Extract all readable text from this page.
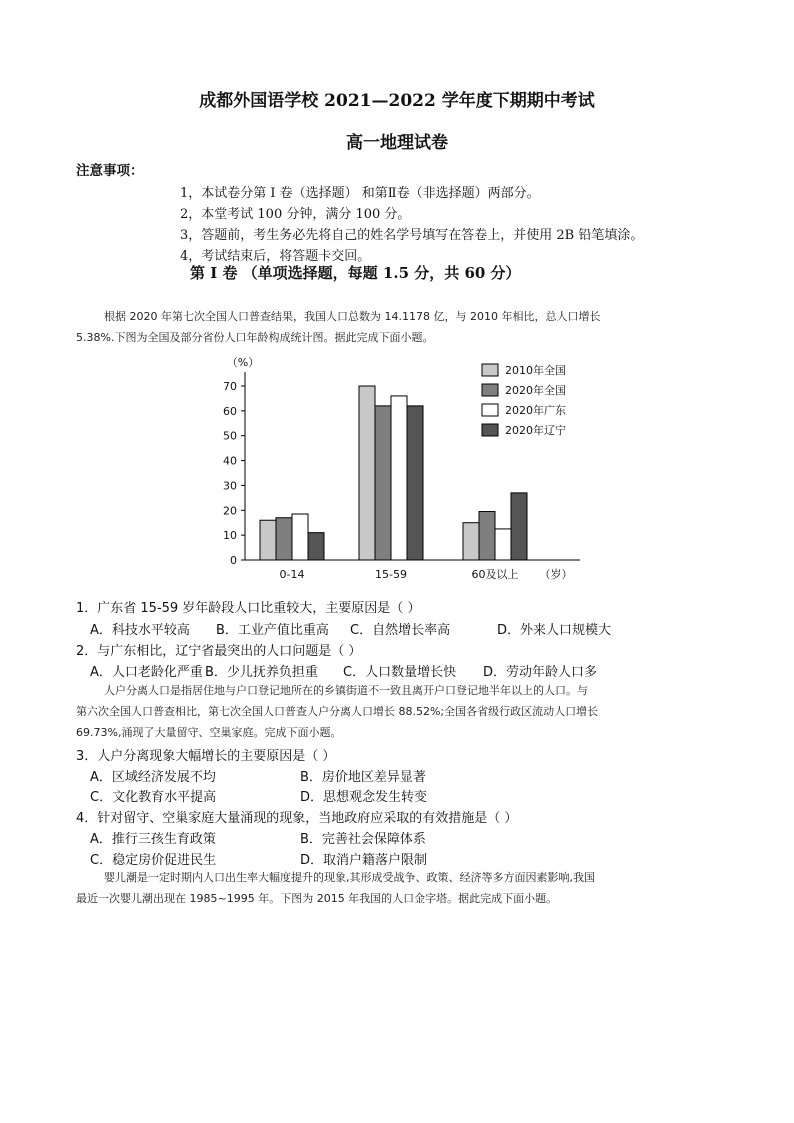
成都外国语学校 2021—2022 学年度下期期中考试
高一地理试卷
注意事项：
1，本试卷分第 I 卷（选择题） 和第Ⅱ卷（非选择题）两部分。
2，本堂考试 100 分钟，满分 100 分。
3，答题前，考生务必先将自己的姓名学号填写在答卷上，并使用 2B 铅笔填涂。
4，考试结束后，将答题卡交回。
第 I 卷 （单项选择题，每题 1.5 分，共 60 分）
根据 2020 年第七次全国人口普查结果，我国人口总数为 14.1178 亿，与 2010 年相比，总人口增长
5.38%.下图为全国及部分省份人口年龄构成统计图。据此完成下面小题。
0
10
20
30
40
50
60
70
（%）
0-14	15-59	60及以上 （岁）
2010年全国
2020年全国
2020年广东
2020年辽宁
1．广东省 15-59 岁年龄段人口比重较大，主要原因是（ ）
A．科技水平较高 B．工业产值比重高 C．自然增长率高	D．外来人口规模大
2．与广东相比，辽宁省最突出的人口问题是（ ）
A．人口老龄化严重 B．少儿抚养负担重 C．人口数量增长快 D．劳动年龄人口多
人户分离人口是指居住地与户口登记地所在的乡镇街道不一致且离开户口登记地半年以上的人口。与
第六次全国人口普查相比，第七次全国人口普查人户分离人口增长 88.52%;全国各省级行政区流动人口增长
69.73%,涌现了大量留守、空巢家庭。完成下面小题。
3．人户分离现象大幅增长的主要原因是（ ）
A．区域经济发展不均	B．房价地区差异显著
C．文化教育水平提高	D．思想观念发生转变
4．针对留守、空巢家庭大量涌现的现象，当地政府应采取的有效措施是（ ）
A．推行三孩生育政策	B．完善社会保障体系
C．稳定房价促进民生	D．取消户籍落户限制
婴儿潮是一定时期内人口出生率大幅度提升的现象,其形成受战争、政策、经济等多方面因素影响,我国
最近一次婴儿潮出现在 1985~1995 年。下图为 2015 年我国的人口金字塔。据此完成下面小题。
